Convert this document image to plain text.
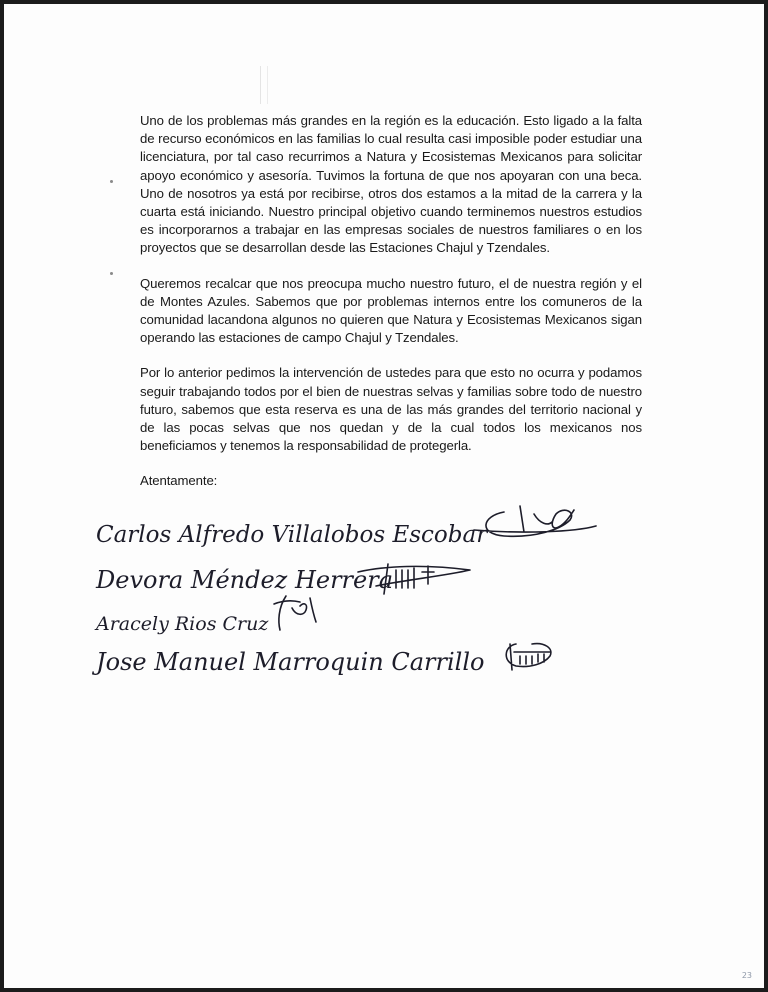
Uno de los problemas más grandes en la región es la educación. Esto ligado a la falta de recurso económicos en las familias lo cual resulta casi imposible poder estudiar una licenciatura, por tal caso recurrimos a Natura y Ecosistemas Mexicanos para solicitar apoyo económico y asesoría. Tuvimos la fortuna de que nos apoyaran con una beca. Uno de nosotros ya está por recibirse, otros dos estamos a la mitad de la carrera y la cuarta está iniciando. Nuestro principal objetivo cuando terminemos nuestros estudios es incorporarnos a trabajar en las empresas sociales de nuestros familiares o en los proyectos que se desarrollan desde las Estaciones Chajul y Tzendales.

Queremos recalcar que nos preocupa mucho nuestro futuro, el de nuestra región y el de Montes Azules. Sabemos que por problemas internos entre los comuneros de la comunidad lacandona algunos no quieren que Natura y Ecosistemas Mexicanos sigan operando las estaciones de campo Chajul y Tzendales.

Por lo anterior pedimos la intervención de ustedes para que esto no ocurra y podamos seguir trabajando todos por el bien de nuestras selvas y familias sobre todo de nuestro futuro, sabemos que esta reserva es una de las más grandes del territorio nacional y de las pocas selvas que nos quedan y de la cual todos los mexicanos nos beneficiamos y tenemos la responsabilidad de protegerla.

Atentamente:

Carlos Alfredo Villalobos Escobar
Devora Méndez Herrera
Aracely Rios Cruz
Jose Manuel Marroquin Carrillo
23
